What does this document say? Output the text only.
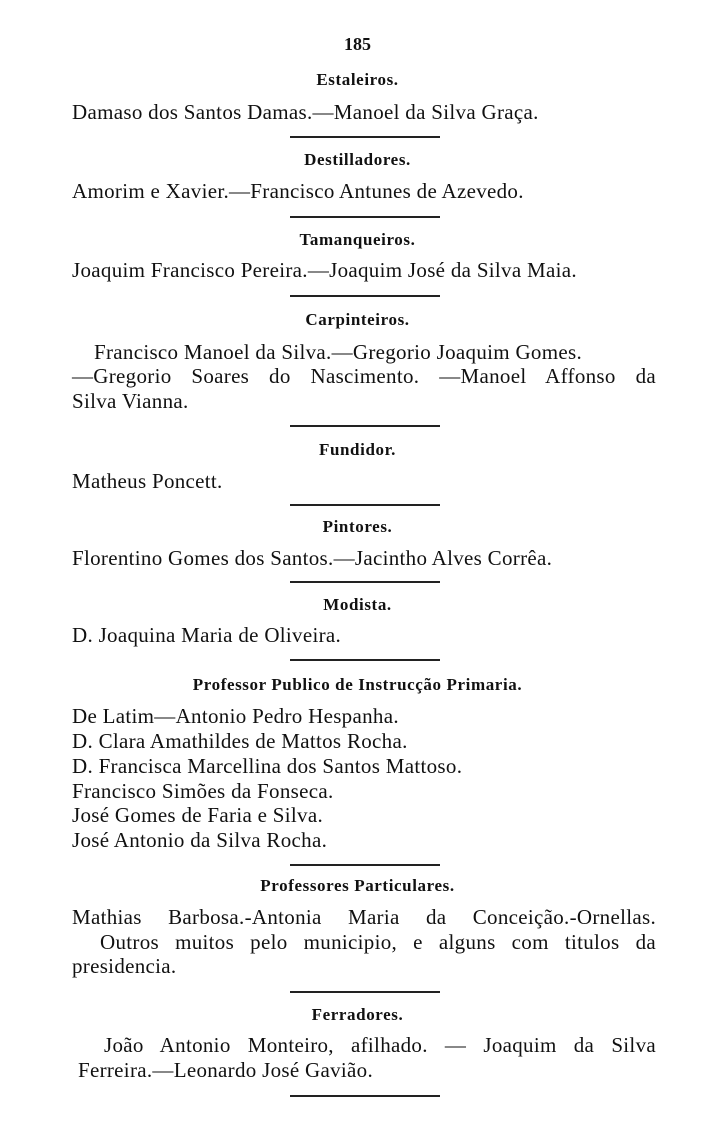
185
Estaleiros.
Damaso dos Santos Damas.—Manoel da Silva Graça.
Destilladores.
Amorim e Xavier.—Francisco Antunes de Azevedo.
Tamanqueiros.
Joaquim Francisco Pereira.—Joaquim José da Silva Maia.
Carpinteiros.
Francisco Manoel da Silva.—Gregorio Joaquim Gomes.
—Gregorio Soares do Nascimento. —Manoel Affonso da
Silva Vianna.
Fundidor.
Matheus Poncett.
Pintores.
Florentino Gomes dos Santos.—Jacintho Alves Corrêa.
Modista.
D. Joaquina Maria de Oliveira.
Professor Publico de Instrucção Primaria.
De Latim—Antonio Pedro Hespanha.
D. Clara Amathildes de Mattos Rocha.
D. Francisca Marcellina dos Santos Mattoso.
Francisco Simões da Fonseca.
José Gomes de Faria e Silva.
José Antonio da Silva Rocha.
Professores Particulares.
Mathias Barbosa.-Antonia Maria da Conceição.-Ornellas.
Outros muitos pelo municipio, e alguns com titulos da
presidencia.
Ferradores.
João Antonio Monteiro, afilhado. — Joaquim da Silva
Ferreira.—Leonardo José Gavião.
